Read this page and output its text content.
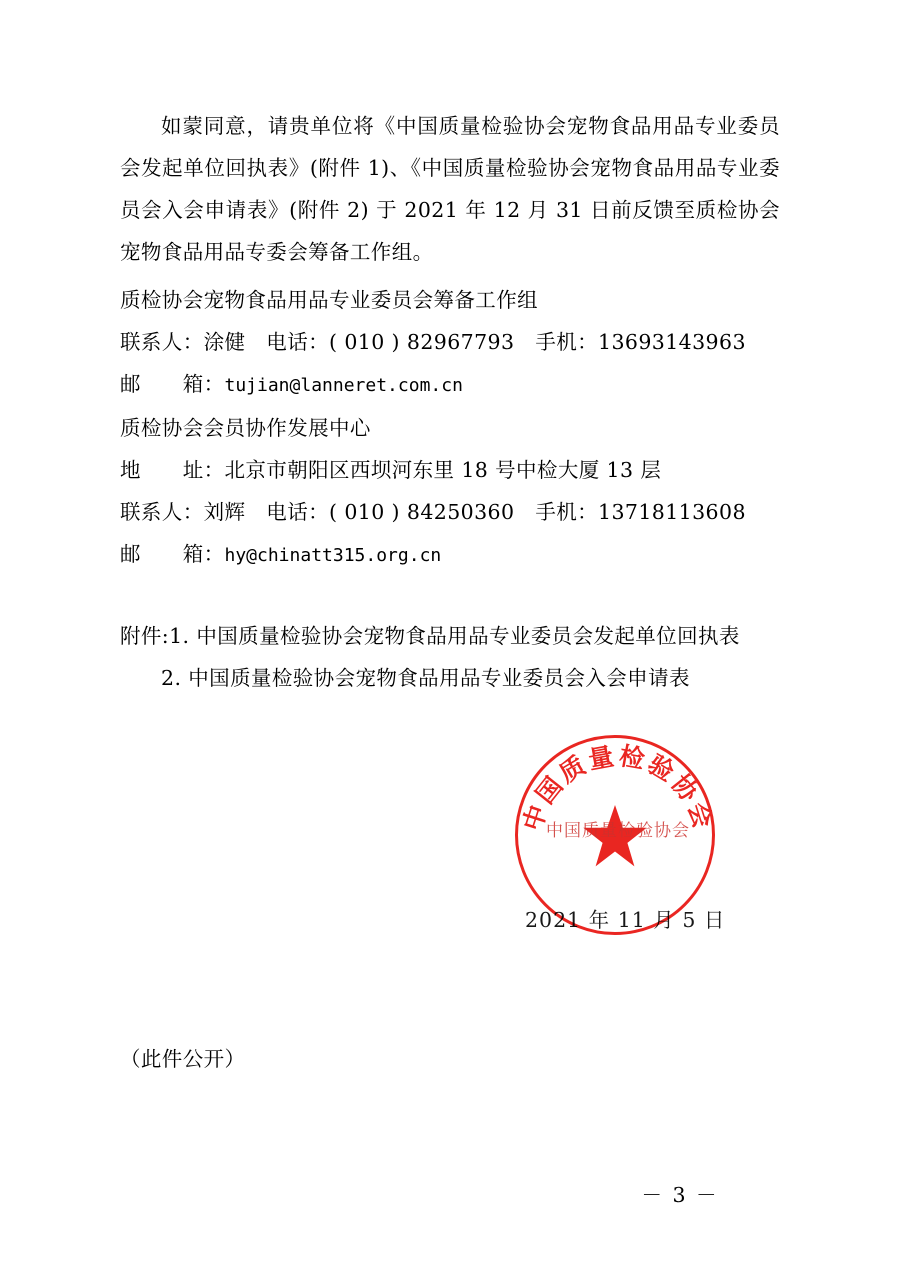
如蒙同意，请贵单位将《中国质量检验协会宠物食品用品专业委员会发起单位回执表》(附件 1)、《中国质量检验协会宠物食品用品专业委员会入会申请表》(附件 2) 于 2021 年 12 月 31 日前反馈至质检协会宠物食品用品专委会筹备工作组。

质检协会宠物食品用品专业委员会筹备工作组
联系人：涂健　电话：( 010 ) 82967793　手机：13693143963
邮　　箱：tujian@lanneret.com.cn
质检协会会员协作发展中心
地　　址：北京市朝阳区西坝河东里 18 号中检大厦 13 层
联系人：刘辉　电话：( 010 ) 84250360　手机：13718113608
邮　　箱：hy@chinatt315.org.cn
附件:1. 中国质量检验协会宠物食品用品专业委员会发起单位回执表
2. 中国质量检验协会宠物食品用品专业委员会入会申请表
中国质量检验协会
中国质量检验协会
2021 年 11 月 5 日
（此件公开）
－ 3 －
